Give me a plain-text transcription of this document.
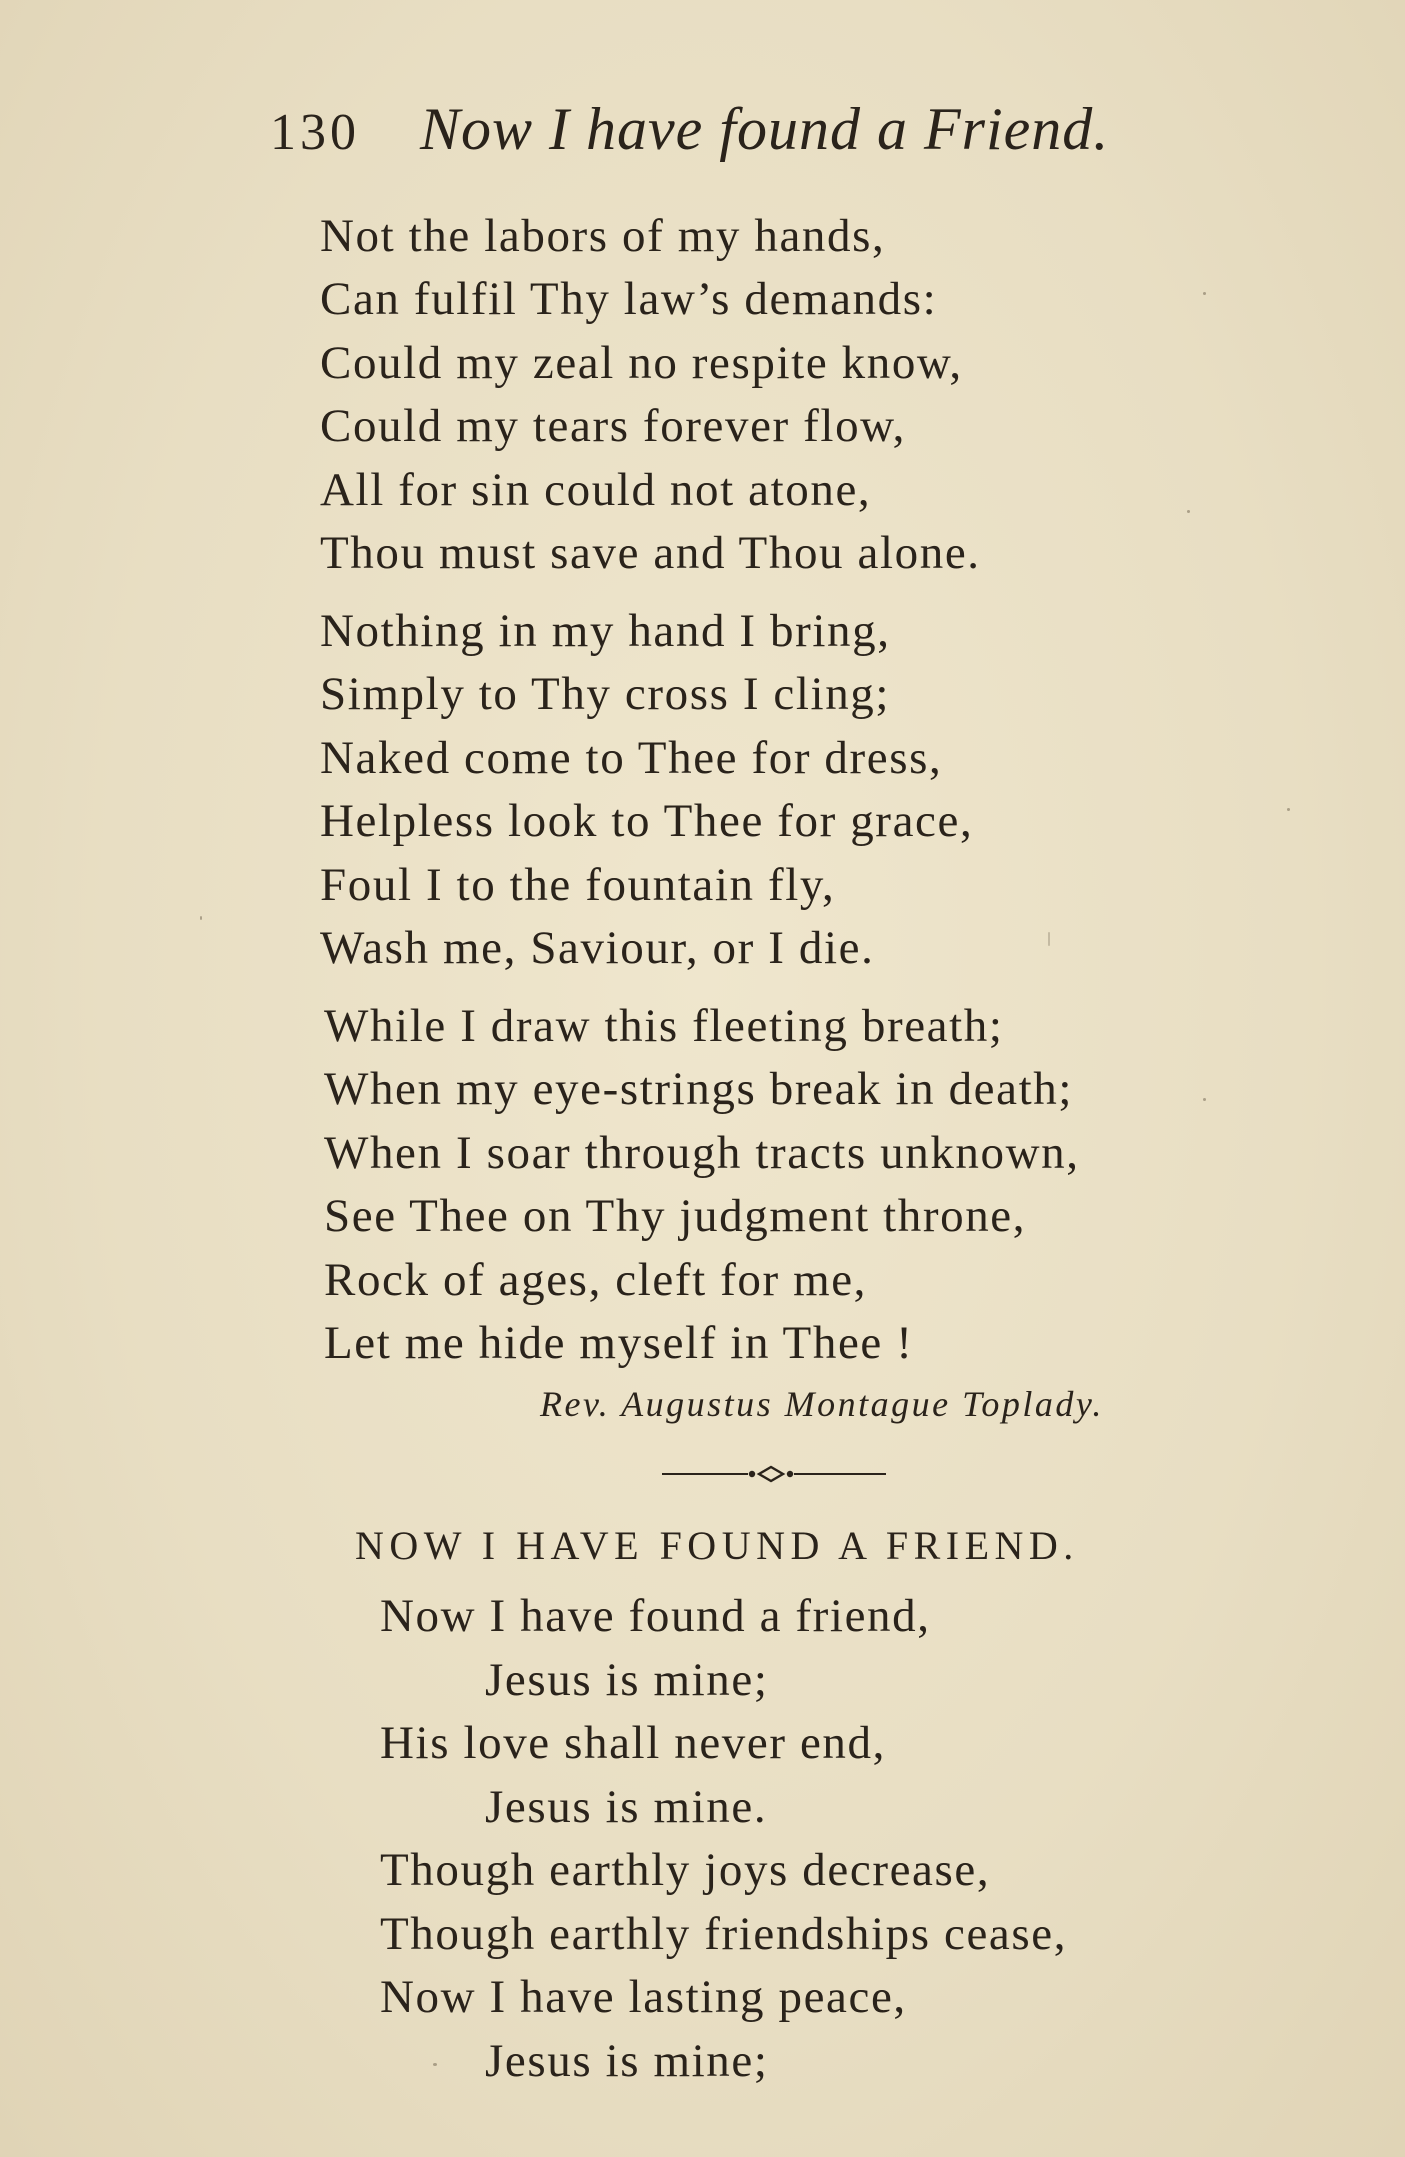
130 Now I have found a Friend.
Not the labors of my hands,
Can fulfil Thy law’s demands:
Could my zeal no respite know,
Could my tears forever flow,
All for sin could not atone,
Thou must save and Thou alone.
Nothing in my hand I bring,
Simply to Thy cross I cling;
Naked come to Thee for dress,
Helpless look to Thee for grace,
Foul I to the fountain fly,
Wash me, Saviour, or I die.
While I draw this fleeting breath;
When my eye-strings break in death;
When I soar through tracts unknown,
See Thee on Thy judgment throne,
Rock of ages, cleft for me,
Let me hide myself in Thee !
Rev. Augustus Montague Toplady.
NOW I HAVE FOUND A FRIEND.
Now I have found a friend,
Jesus is mine;
His love shall never end,
Jesus is mine.
Though earthly joys decrease,
Though earthly friendships cease,
Now I have lasting peace,
Jesus is mine;
